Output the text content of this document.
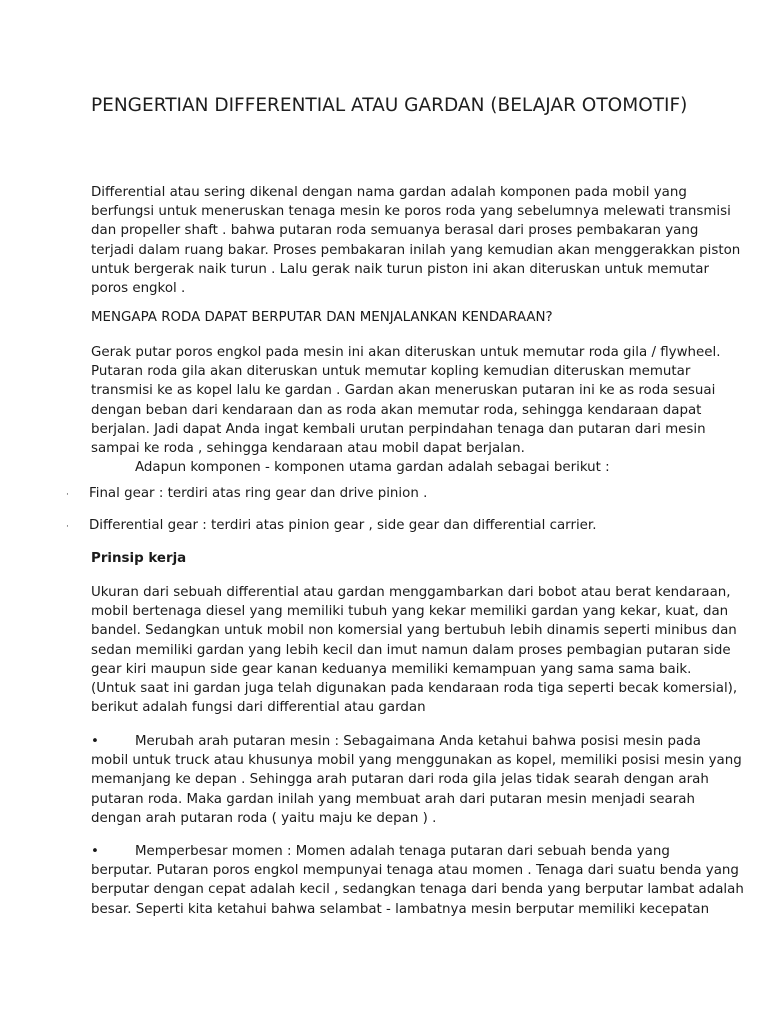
PENGERTIAN DIFFERENTIAL ATAU GARDAN (BELAJAR OTOMOTIF)
Differential atau sering dikenal dengan nama gardan adalah komponen pada mobil yang
berfungsi untuk meneruskan tenaga mesin ke poros roda yang sebelumnya melewati transmisi
dan propeller shaft . bahwa putaran roda semuanya berasal dari proses pembakaran yang
terjadi dalam ruang bakar. Proses pembakaran inilah yang kemudian akan menggerakkan piston
untuk bergerak naik turun . Lalu gerak naik turun piston ini akan diteruskan untuk memutar
poros engkol .
MENGAPA RODA DAPAT BERPUTAR DAN MENJALANKAN KENDARAAN?
Gerak putar poros engkol pada mesin ini akan diteruskan untuk memutar roda gila / flywheel.
Putaran roda gila akan diteruskan untuk memutar kopling kemudian diteruskan memutar
transmisi ke as kopel lalu ke gardan . Gardan akan meneruskan putaran ini ke as roda sesuai
dengan beban dari kendaraan dan as roda akan memutar roda, sehingga kendaraan dapat
berjalan. Jadi dapat Anda ingat kembali urutan perpindahan tenaga dan putaran dari mesin
sampai ke roda , sehingga kendaraan atau mobil dapat berjalan.
Adapun komponen - komponen utama gardan adalah sebagai berikut :
· Final gear : terdiri atas ring gear dan drive pinion .
· Differential gear : terdiri atas pinion gear , side gear dan differential carrier.
Prinsip kerja
Ukuran dari sebuah differential atau gardan menggambarkan dari bobot atau berat kendaraan,
mobil bertenaga diesel yang memiliki tubuh yang kekar memiliki gardan yang kekar, kuat, dan
bandel. Sedangkan untuk mobil non komersial yang bertubuh lebih dinamis seperti minibus dan
sedan memiliki gardan yang lebih kecil dan imut namun dalam proses pembagian putaran side
gear kiri maupun side gear kanan keduanya memiliki kemampuan yang sama sama baik.
(Untuk saat ini gardan juga telah digunakan pada kendaraan roda tiga seperti becak komersial),
berikut adalah fungsi dari differential atau gardan
•	Merubah arah putaran mesin : Sebagaimana Anda ketahui bahwa posisi mesin pada
mobil untuk truck atau khusunya mobil yang menggunakan as kopel, memiliki posisi mesin yang
memanjang ke depan . Sehingga arah putaran dari roda gila jelas tidak searah dengan arah
putaran roda. Maka gardan inilah yang membuat arah dari putaran mesin menjadi searah
dengan arah putaran roda ( yaitu maju ke depan ) .
•	Memperbesar momen : Momen adalah tenaga putaran dari sebuah benda yang
berputar. Putaran poros engkol mempunyai tenaga atau momen . Tenaga dari suatu benda yang
berputar dengan cepat adalah kecil , sedangkan tenaga dari benda yang berputar lambat adalah
besar. Seperti kita ketahui bahwa selambat - lambatnya mesin berputar memiliki kecepatan
